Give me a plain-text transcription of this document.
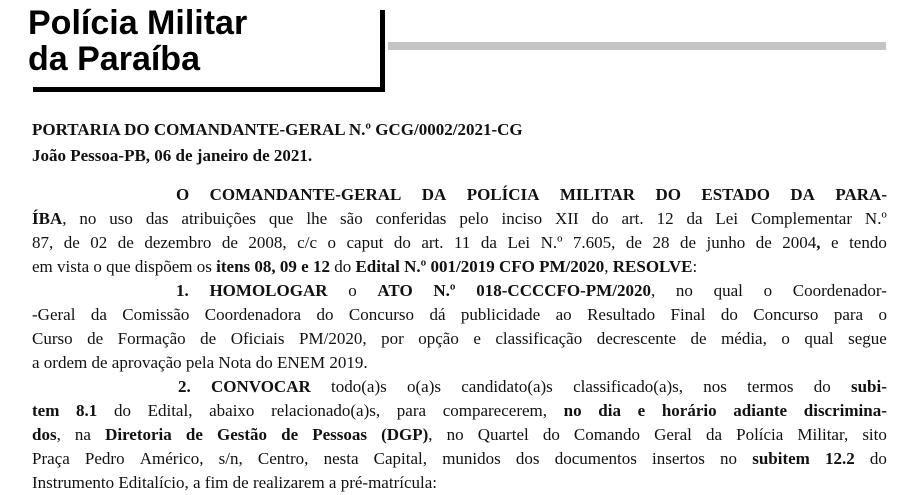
Polícia Militar
da Paraíba
PORTARIA DO COMANDANTE-GERAL N.º GCG/0002/2021-CG
João Pessoa-PB, 06 de janeiro de 2021.
O COMANDANTE-GERAL DA POLÍCIA MILITAR DO ESTADO DA PARA-
ÍBA, no uso das atribuições que lhe são conferidas pelo inciso XII do art. 12 da Lei Complementar N.º
87, de 02 de dezembro de 2008, c/c o caput do art. 11 da Lei N.º 7.605, de 28 de junho de 2004, e tendo
em vista o que dispõem os itens 08, 09 e 12 do Edital N.º 001/2019 CFO PM/2020 , RESOLVE :
1. HOMOLOGAR o ATO N.º 018-CCCCFO-PM/2020, no qual o Coordenador-
-Geral da Comissão Coordenadora do Concurso dá publicidade ao Resultado Final do Concurso para o
Curso de Formação de Oficiais PM/2020, por opção e classificação decrescente de média, o qual segue
a ordem de aprovação pela Nota do ENEM 2019.
2. CONVOCAR todo(a)s o(a)s candidato(a)s classificado(a)s, nos termos do subi-
tem 8.1 do Edital, abaixo relacionado(a)s, para comparecerem, no dia e horário adiante discrimina-
dos, na Diretoria de Gestão de Pessoas (DGP), no Quartel do Comando Geral da Polícia Militar, sito
Praça Pedro Américo, s/n, Centro, nesta Capital, munidos dos documentos insertos no subitem 12.2 do
Instrumento Editalício, a fim de realizarem a pré-matrícula:
